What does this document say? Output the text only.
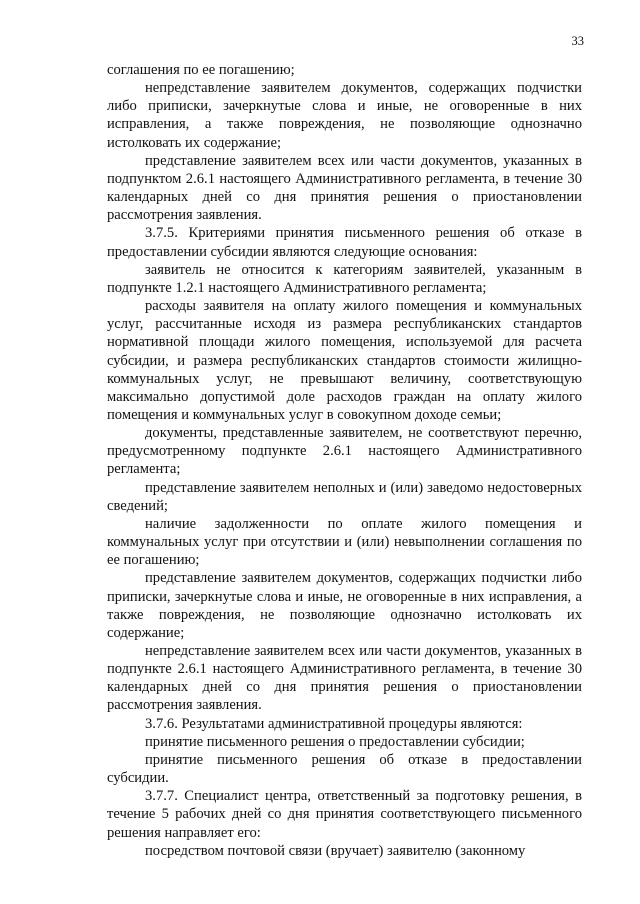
33

соглашения по ее погашению;

непредставление заявителем документов, содержащих подчистки либо приписки, зачеркнутые слова и иные, не оговоренные в них исправления, а также повреждения, не позволяющие однозначно истолковать их содержание;

представление заявителем всех или части документов, указанных в подпунктом 2.6.1 настоящего Административного регламента, в течение 30 календарных дней со дня принятия решения о приостановлении рассмотрения заявления.

3.7.5. Критериями принятия письменного решения об отказе в предоставлении субсидии являются следующие основания:

заявитель не относится к категориям заявителей, указанным в подпункте 1.2.1 настоящего Административного регламента;

расходы заявителя на оплату жилого помещения и коммунальных услуг, рассчитанные исходя из размера республиканских стандартов нормативной площади жилого помещения, используемой для расчета субсидии, и размера республиканских стандартов стоимости жилищно-коммунальных услуг, не превышают величину, соответствующую максимально допустимой доле расходов граждан на оплату жилого помещения и коммунальных услуг в совокупном доходе семьи;

документы, представленные заявителем, не соответствуют перечню, предусмотренному подпункте 2.6.1 настоящего Административного регламента;

представление заявителем неполных и (или) заведомо недостоверных сведений;

наличие задолженности по оплате жилого помещения и коммунальных услуг при отсутствии и (или) невыполнении соглашения по ее погашению;

представление заявителем документов, содержащих подчистки либо приписки, зачеркнутые слова и иные, не оговоренные в них исправления, а также повреждения, не позволяющие однозначно истолковать их содержание;

непредставление заявителем всех или части документов, указанных в подпункте 2.6.1 настоящего Административного регламента, в течение 30 календарных дней со дня принятия решения о приостановлении рассмотрения заявления.

3.7.6. Результатами административной процедуры являются:

принятие письменного решения о предоставлении субсидии;

принятие письменного решения об отказе в предоставлении субсидии.

3.7.7. Специалист центра, ответственный за подготовку решения, в течение 5 рабочих дней со дня принятия соответствующего письменного решения направляет его:

посредством почтовой связи (вручает) заявителю (законному
